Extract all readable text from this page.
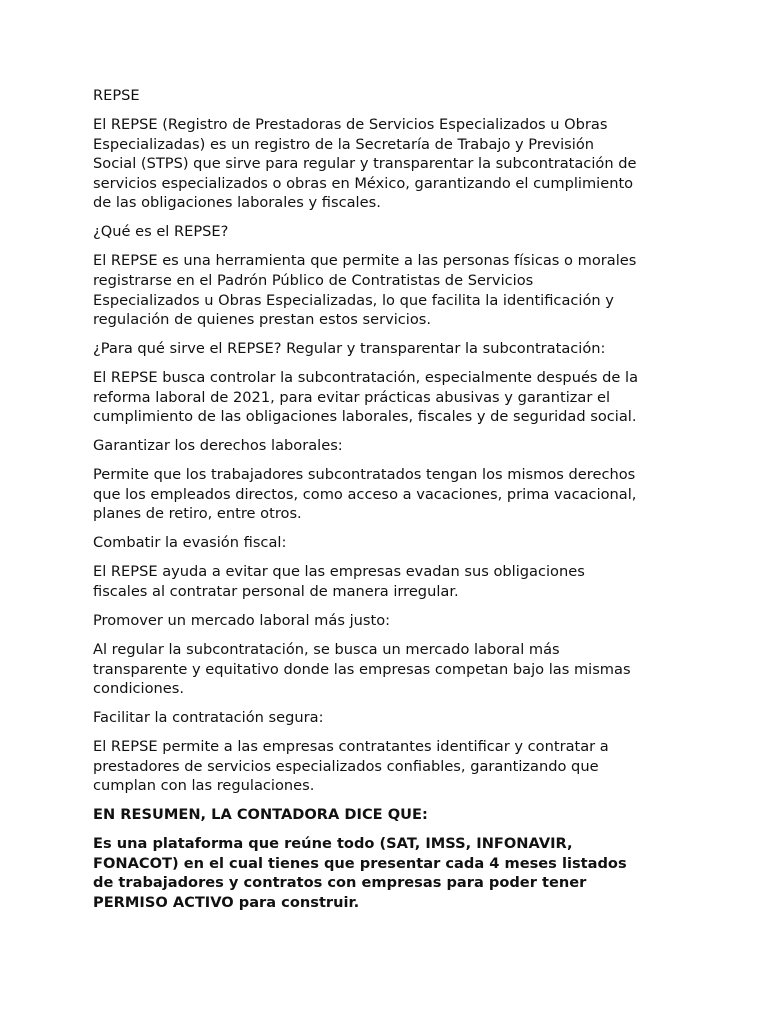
REPSE

El REPSE (Registro de Prestadoras de Servicios Especializados u Obras
Especializadas) es un registro de la Secretaría de Trabajo y Previsión
Social (STPS) que sirve para regular y transparentar la subcontratación de
servicios especializados o obras en México, garantizando el cumplimiento
de las obligaciones laborales y fiscales.

¿Qué es el REPSE?

El REPSE es una herramienta que permite a las personas físicas o morales
registrarse en el Padrón Público de Contratistas de Servicios
Especializados u Obras Especializadas, lo que facilita la identificación y
regulación de quienes prestan estos servicios.

¿Para qué sirve el REPSE? Regular y transparentar la subcontratación:

El REPSE busca controlar la subcontratación, especialmente después de la
reforma laboral de 2021, para evitar prácticas abusivas y garantizar el
cumplimiento de las obligaciones laborales, fiscales y de seguridad social.

Garantizar los derechos laborales:

Permite que los trabajadores subcontratados tengan los mismos derechos
que los empleados directos, como acceso a vacaciones, prima vacacional,
planes de retiro, entre otros.

Combatir la evasión fiscal:

El REPSE ayuda a evitar que las empresas evadan sus obligaciones
fiscales al contratar personal de manera irregular.

Promover un mercado laboral más justo:

Al regular la subcontratación, se busca un mercado laboral más
transparente y equitativo donde las empresas competan bajo las mismas
condiciones.

Facilitar la contratación segura:

El REPSE permite a las empresas contratantes identificar y contratar a
prestadores de servicios especializados confiables, garantizando que
cumplan con las regulaciones.

EN RESUMEN, LA CONTADORA DICE QUE:

Es una plataforma que reúne todo (SAT, IMSS, INFONAVIR,
FONACOT) en el cual tienes que presentar cada 4 meses listados
de trabajadores y contratos con empresas para poder tener
PERMISO ACTIVO para construir.
